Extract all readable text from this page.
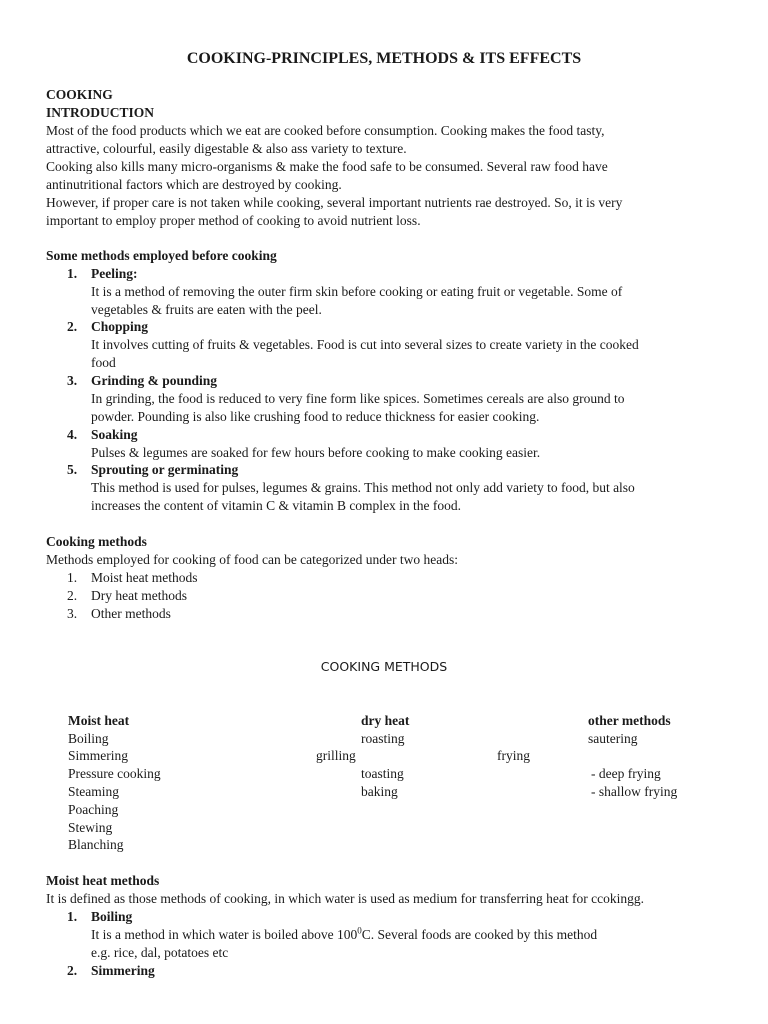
COOKING-PRINCIPLES, METHODS & ITS EFFECTS
COOKING
INTRODUCTION
Most of the food products which we eat are cooked before consumption. Cooking makes the food tasty,
attractive, colourful, easily digestable & also ass variety to texture.
Cooking also kills many micro-organisms & make the food safe to be consumed. Several raw food have
antinutritional factors which are destroyed by cooking.
However, if proper care is not taken while cooking, several important nutrients rae destroyed. So, it is very
important to employ proper method of cooking to avoid nutrient loss.
Some methods employed before cooking
1. Peeling:
It is a method of removing the outer firm skin before cooking or eating fruit or vegetable. Some of
vegetables & fruits are eaten with the peel.
2. Chopping
It involves cutting of fruits & vegetables. Food is cut into several sizes to create variety in the cooked
food
3. Grinding & pounding
In grinding, the food is reduced to very fine form like spices. Sometimes cereals are also ground to
powder. Pounding is also like crushing food to reduce thickness for easier cooking.
4. Soaking
Pulses & legumes are soaked for few hours before cooking to make cooking easier.
5. Sprouting or germinating
This method is used for pulses, legumes & grains. This method not only add variety to food, but also
increases the content of vitamin C & vitamin B complex in the food.
Cooking methods
Methods employed for cooking of food can be categorized under two heads:
1. Moist heat methods
2. Dry heat methods
3. Other methods
COOKING METHODS
Moist heat	dry heat	other methods
Boiling
Simmering
Pressure cooking
Steaming
Poaching
Stewing
Blanching
roasting
grilling
toasting
baking
sautering
frying
- deep frying
- shallow frying
Moist heat methods
It is defined as those methods of cooking, in which water is used as medium for transferring heat for ccokingg.
1. Boiling
It is a method in which water is boiled above $100^0C$. Several foods are cooked by this method
e.g. rice, dal, potatoes etc
2. Simmering
